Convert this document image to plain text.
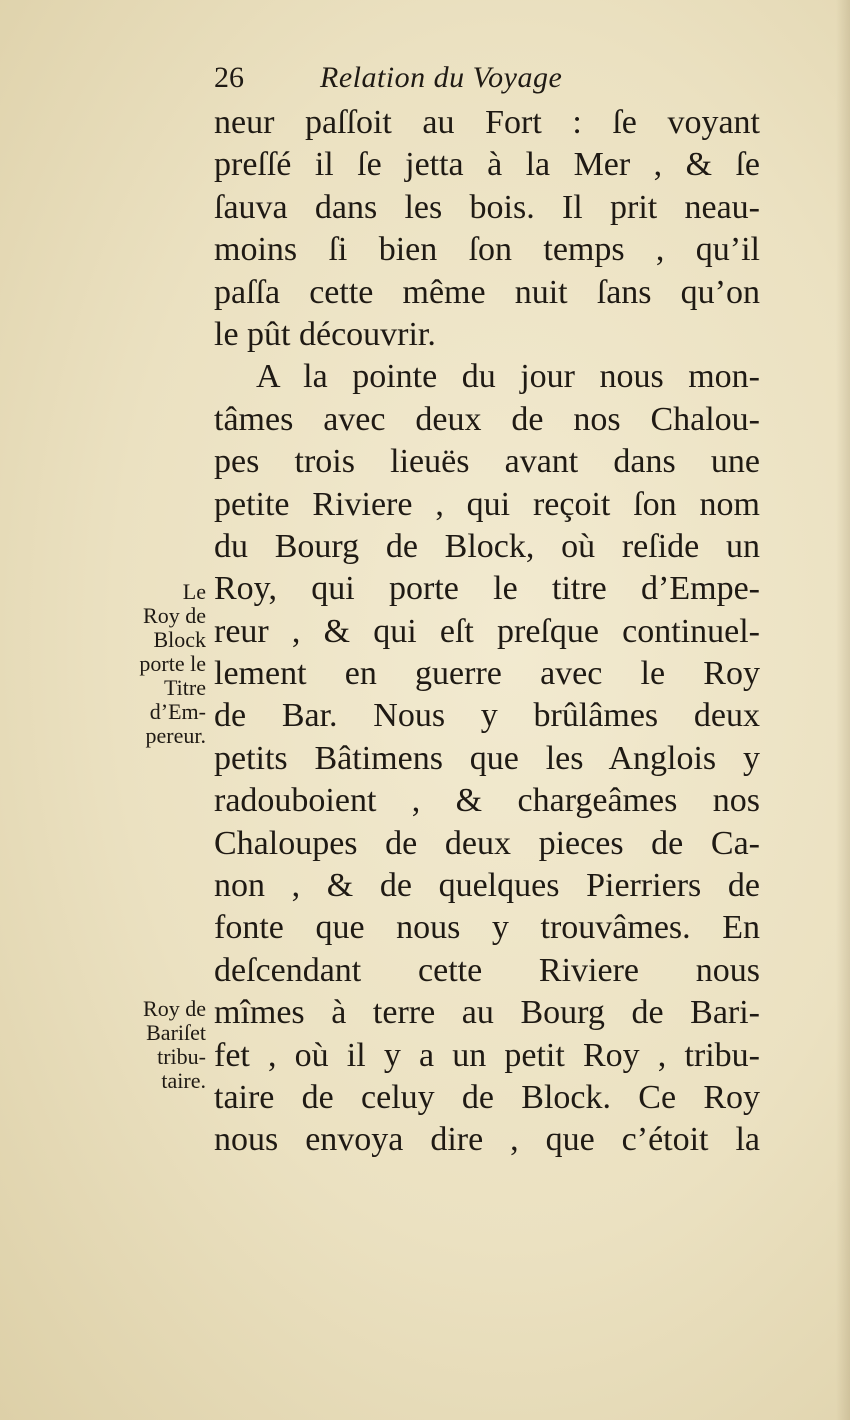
26	Relation du Voyage
neur paſſoit au Fort : ſe voyant
preſſé il ſe jetta à la Mer , & ſe
ſauva dans les bois. Il prit neau-
moins ſi bien ſon temps , qu’il
paſſa cette même nuit ſans qu’on
le pût découvrir.
A la pointe du jour nous mon-
tâmes avec deux de nos Chalou-
pes trois lieuës avant dans une
petite Riviere , qui reçoit ſon nom
du Bourg de Block, où reſide un
Roy, qui porte le titre d’Empe-
reur , & qui eſt preſque continuel-
lement en guerre avec le Roy
de Bar. Nous y brûlâmes deux
petits Bâtimens que les Anglois y
radouboient , & chargeâmes nos
Chaloupes de deux pieces de Ca-
non , & de quelques Pierriers de
fonte que nous y trouvâmes. En
deſcendant cette Riviere nous
mîmes à terre au Bourg de Bari-
fet , où il y a un petit Roy , tribu-
taire de celuy de Block. Ce Roy
nous envoya dire , que c’étoit la
Le
Roy de
Block
porte le
Titre
d’Em-
pereur.
Roy de
Bariſet
tribu-
taire.
